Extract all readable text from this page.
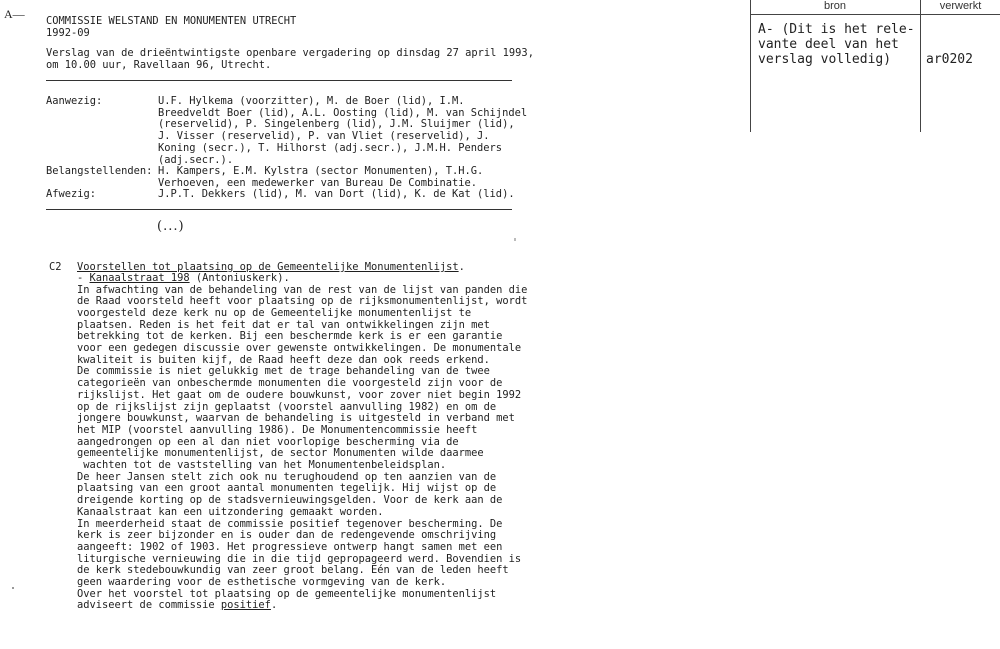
A— COMMISSIE WELSTAND EN MONUMENTEN UTRECHT
1992-09
Verslag van de drieëntwintigste openbare vergadering op dinsdag 27 april 1993,
om 10.00 uur, Ravellaan 96, Utrecht.
Aanwezig:	U.F. Hylkema (voorzitter), M. de Boer (lid), I.M.
Breedveldt Boer (lid), A.L. Oosting (lid), M. van Schijndel
(reservelid), P. Singelenberg (lid), J.M. Sluijmer (lid),
J. Visser (reservelid), P. van Vliet (reservelid), J.
Koning (secr.), T. Hilhorst (adj.secr.), J.M.H. Penders
(adj.secr.).
Belangstellenden: H. Kampers, E.M. Kylstra (sector Monumenten), T.H.G.
Verhoeven, een medewerker van Bureau De Combinatie.
Afwezig:	J.P.T. Dekkers (lid), M. van Dort (lid), K. de Kat (lid).
(...)
C2 Voorstellen tot plaatsing op de Gemeentelijke Monumentenlijst.
- Kanaalstraat 198 (Antoniuskerk).
In afwachting van de behandeling van de rest van de lijst van panden die
de Raad voorsteld heeft voor plaatsing op de rijksmonumentenlijst, wordt
voorgesteld deze kerk nu op de Gemeentelijke monumentenlijst te
plaatsen. Reden is het feit dat er tal van ontwikkelingen zijn met
betrekking tot de kerken. Bij een beschermde kerk is er een garantie
voor een gedegen discussie over gewenste ontwikkelingen. De monumentale
kwaliteit is buiten kijf, de Raad heeft deze dan ook reeds erkend.
De commissie is niet gelukkig met de trage behandeling van de twee
categorieën van onbeschermde monumenten die voorgesteld zijn voor de
rijkslijst. Het gaat om de oudere bouwkunst, voor zover niet begin 1992
op de rijkslijst zijn geplaatst (voorstel aanvulling 1982) en om de
jongere bouwkunst, waarvan de behandeling is uitgesteld in verband met
het MIP (voorstel aanvulling 1986). De Monumentencommissie heeft
aangedrongen op een al dan niet voorlopige bescherming via de
gemeentelijke monumentenlijst, de sector Monumenten wilde daarmee
wachten tot de vaststelling van het Monumentenbeleidsplan.
De heer Jansen stelt zich ook nu terughoudend op ten aanzien van de
plaatsing van een groot aantal monumenten tegelijk. Hij wijst op de
dreigende korting op de stadsvernieuwingsgelden. Voor de kerk aan de
Kanaalstraat kan een uitzondering gemaakt worden.
In meerderheid staat de commissie positief tegenover bescherming. De
kerk is zeer bijzonder en is ouder dan de redengevende omschrijving
aangeeft: 1902 of 1903. Het progressieve ontwerp hangt samen met een
liturgische vernieuwing die in die tijd gepropageerd werd. Bovendien is
de kerk stedebouwkundig van zeer groot belang. Eén van de leden heeft
geen waardering voor de esthetische vormgeving van de kerk.
Over het voorstel tot plaatsing op de gemeentelijke monumentenlijst
adviseert de commissie positief.
bron	verwerkt
A- (Dit is het rele-
vante deel van het
verslag volledig)	ar0202
